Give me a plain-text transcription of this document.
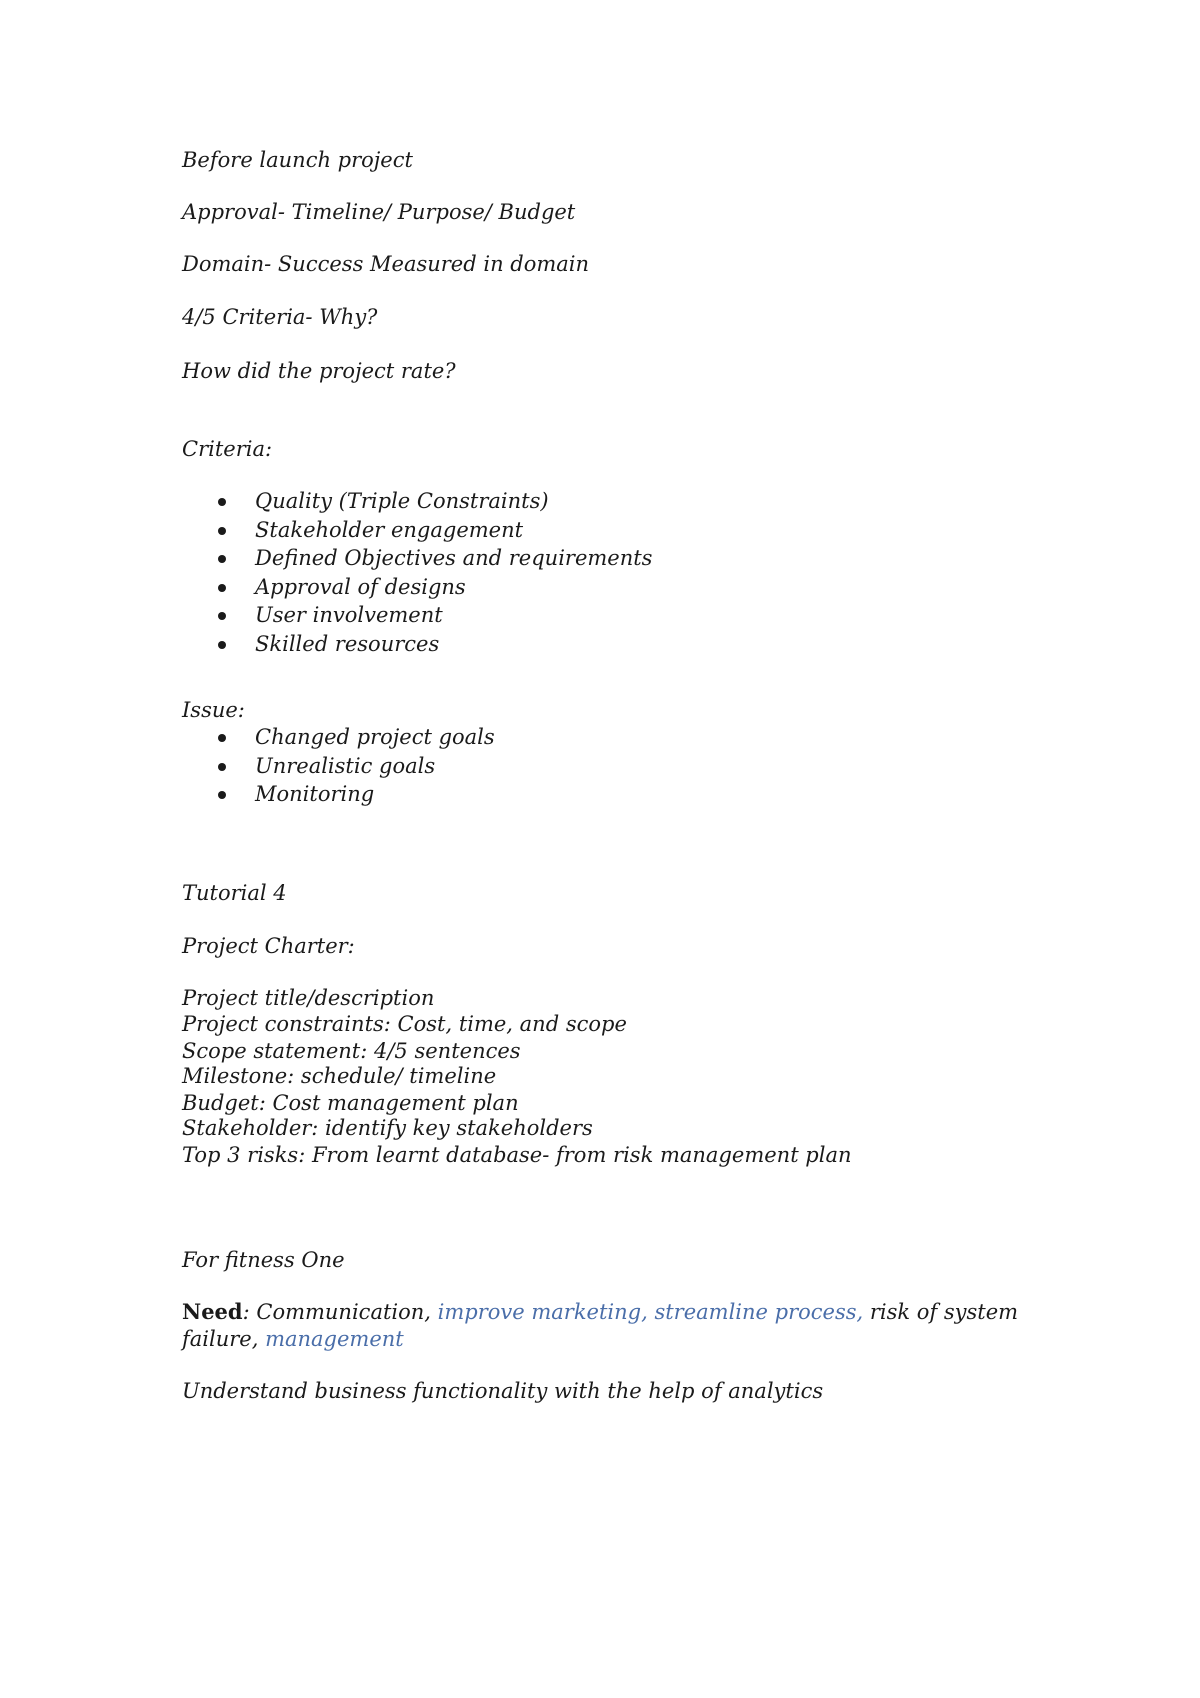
Before launch project
Approval- Timeline/ Purpose/ Budget
Domain- Success Measured in domain
4/5 Criteria- Why?
How did the project rate?
Criteria:
Quality (Triple Constraints)
Stakeholder engagement
Defined Objectives and requirements
Approval of designs
User involvement
Skilled resources
Issue:
Changed project goals
Unrealistic goals
Monitoring
Tutorial 4
Project Charter:
Project title/description
Project constraints: Cost, time, and scope
Scope statement: 4/5 sentences
Milestone: schedule/ timeline
Budget: Cost management plan
Stakeholder: identify key stakeholders
Top 3 risks: From learnt database- from risk management plan
For fitness One
Need: Communication, improve marketing, streamline process, risk of system
failure, management
Understand business functionality with the help of analytics
